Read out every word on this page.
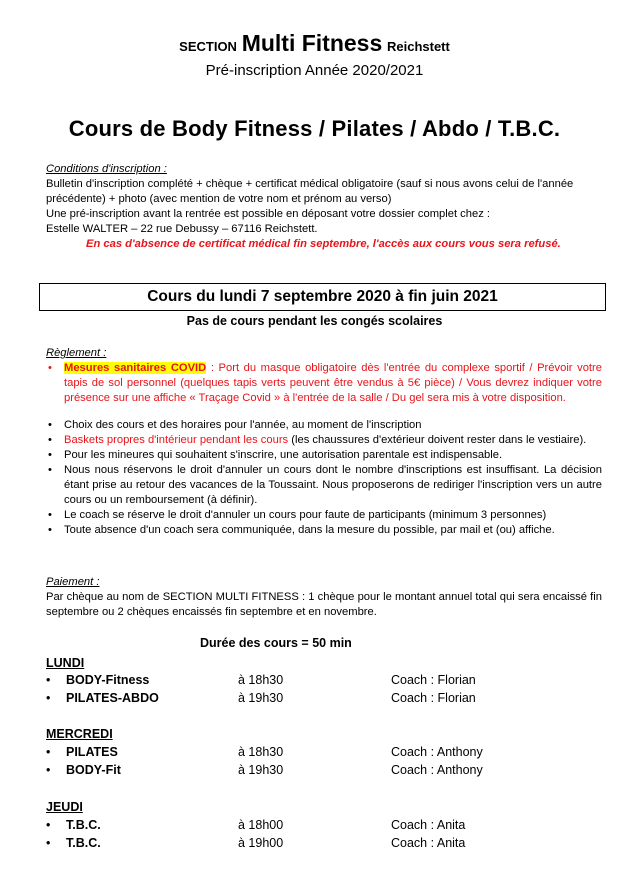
SECTION Multi Fitness Reichstett
Pré-inscription Année 2020/2021
Cours de Body Fitness / Pilates / Abdo / T.B.C.
Conditions d'inscription :
Bulletin d'inscription complété + chèque + certificat médical obligatoire (sauf si nous avons celui de l'année précédente) + photo (avec mention de votre nom et prénom au verso)
Une pré-inscription avant la rentrée est possible en déposant votre dossier complet chez :
Estelle WALTER – 22 rue Debussy – 67116 Reichstett.
En cas d'absence de certificat médical fin septembre, l'accès aux cours vous sera refusé.
Cours du lundi 7 septembre 2020 à fin juin 2021
Pas de cours pendant les congés scolaires
Règlement :
• Mesures sanitaires COVID : Port du masque obligatoire dès l'entrée du complexe sportif / Prévoir votre tapis de sol personnel (quelques tapis verts peuvent être vendus à 5€ pièce) / Vous devrez indiquer votre présence sur une affiche « Traçage Covid » à l'entrée de la salle / Du gel sera mis à votre disposition.
• Choix des cours et des horaires pour l'année, au moment de l'inscription
• Baskets propres d'intérieur pendant les cours (les chaussures d'extérieur doivent rester dans le vestiaire).
• Pour les mineures qui souhaitent s'inscrire, une autorisation parentale est indispensable.
• Nous nous réservons le droit d'annuler un cours dont le nombre d'inscriptions est insuffisant. La décision étant prise au retour des vacances de la Toussaint. Nous proposerons de rediriger l'inscription vers un autre cours ou un remboursement (à définir).
• Le coach se réserve le droit d'annuler un cours pour faute de participants (minimum 3 personnes)
• Toute absence d'un coach sera communiquée, dans la mesure du possible, par mail et (ou) affiche.
Paiement :
Par chèque au nom de SECTION MULTI FITNESS : 1 chèque pour le montant annuel total qui sera encaissé fin septembre ou 2 chèques encaissés fin septembre et en novembre.
Durée des cours = 50 min
LUNDI
• BODY-Fitness	à 18h30	Coach : Florian
• PILATES-ABDO	à 19h30	Coach : Florian
MERCREDI
• PILATES	à 18h30	Coach : Anthony
• BODY-Fit	à 19h30	Coach : Anthony
JEUDI
• T.B.C.	à 18h00	Coach : Anita
• T.B.C.	à 19h00	Coach : Anita
